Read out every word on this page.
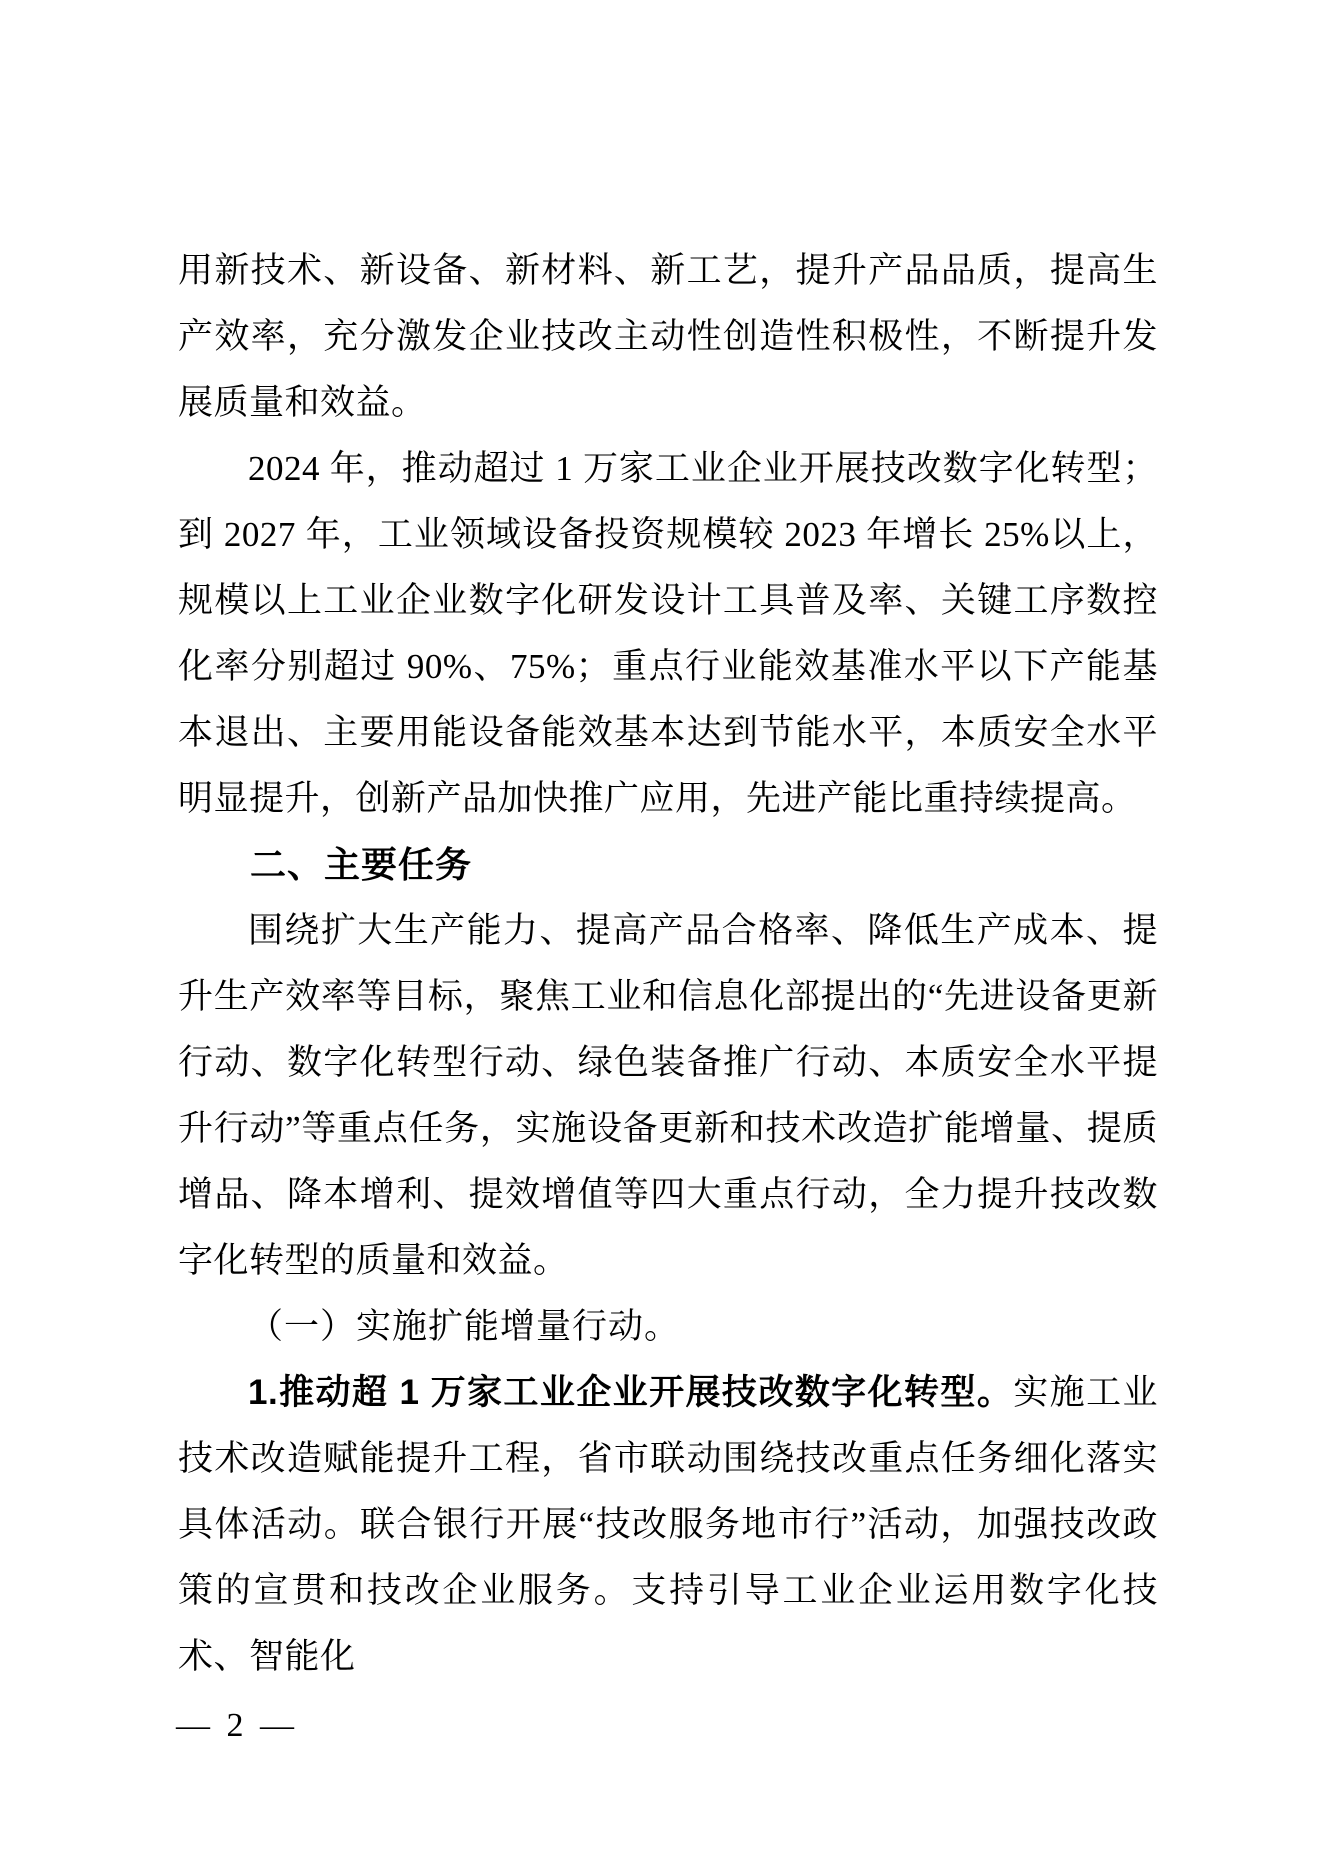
用新技术、新设备、新材料、新工艺，提升产品品质，提高生产效率，充分激发企业技改主动性创造性积极性，不断提升发展质量和效益。

2024 年，推动超过 1 万家工业企业开展技改数字化转型；到 2027 年，工业领域设备投资规模较 2023 年增长 25%以上，规模以上工业企业数字化研发设计工具普及率、关键工序数控化率分别超过 90%、75%；重点行业能效基准水平以下产能基本退出、主要用能设备能效基本达到节能水平，本质安全水平明显提升，创新产品加快推广应用，先进产能比重持续提高。

二、主要任务

围绕扩大生产能力、提高产品合格率、降低生产成本、提升生产效率等目标，聚焦工业和信息化部提出的“先进设备更新行动、数字化转型行动、绿色装备推广行动、本质安全水平提升行动”等重点任务，实施设备更新和技术改造扩能增量、提质增品、降本增利、提效增值等四大重点行动，全力提升技改数字化转型的质量和效益。

（一）实施扩能增量行动。

1.推动超 1 万家工业企业开展技改数字化转型。实施工业技术改造赋能提升工程，省市联动围绕技改重点任务细化落实具体活动。联合银行开展“技改服务地市行”活动，加强技改政策的宣贯和技改企业服务。支持引导工业企业运用数字化技术、智能化

— 2 —
